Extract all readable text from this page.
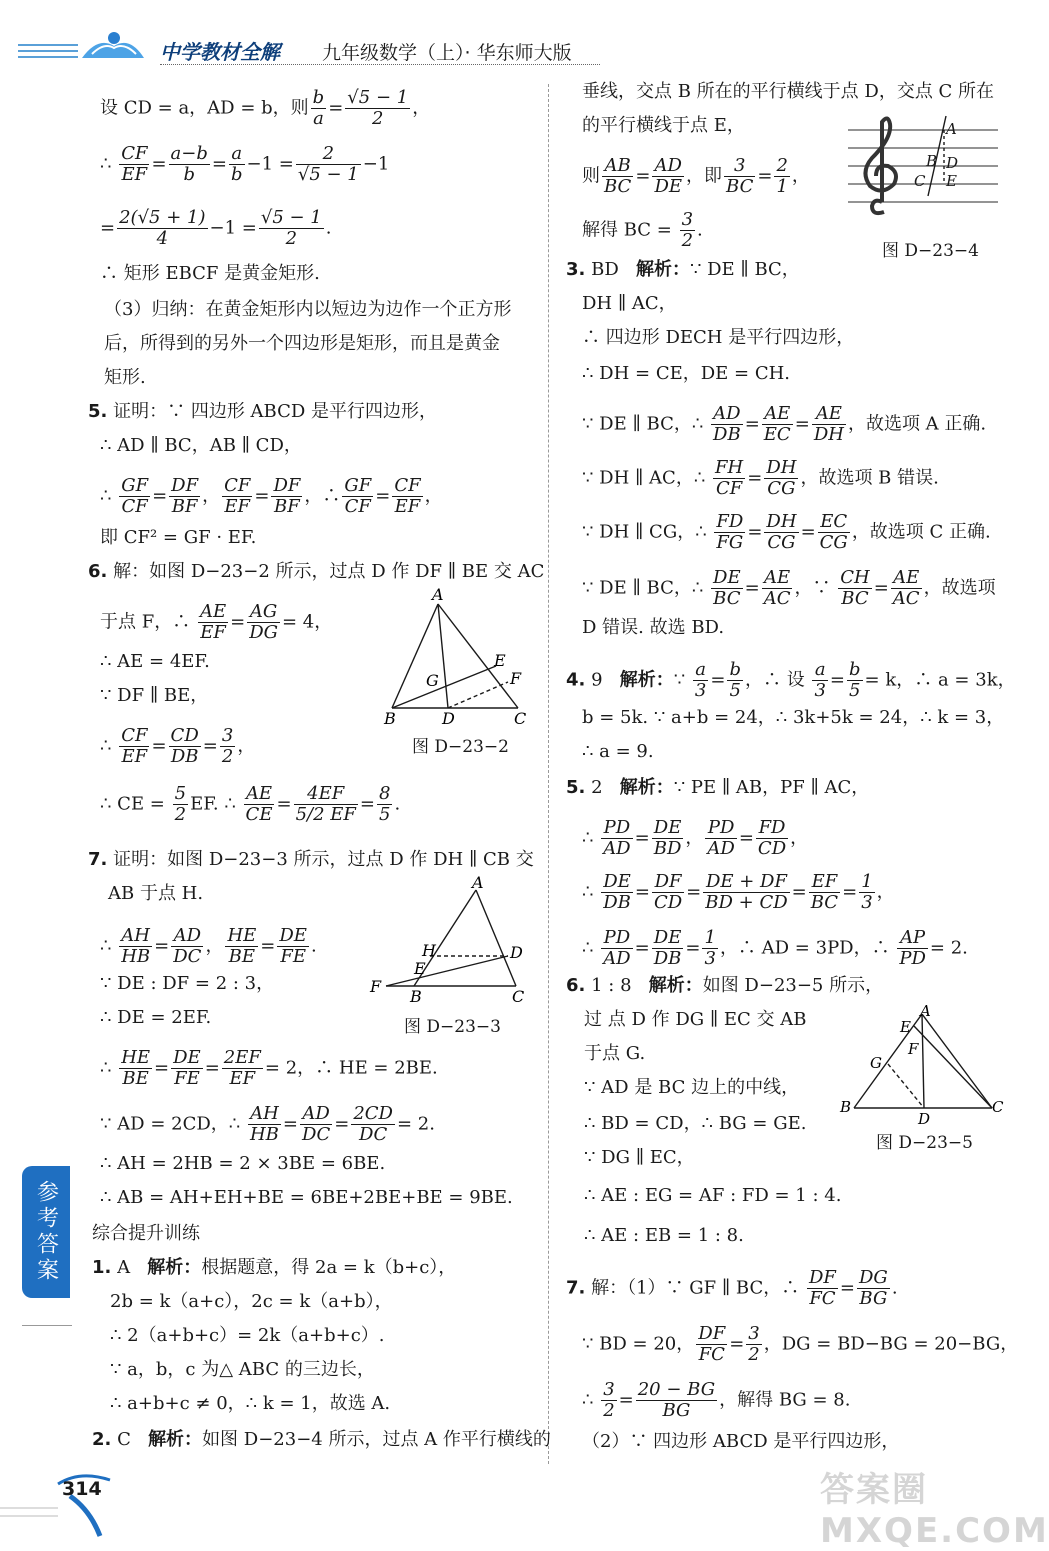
中学教材全解 九年级数学（上）· 华东师大版
设 CD = a，AD = b，则 $\frac{b}{a} = \frac{√5 - 1}{2}$ ，
∴ $\frac{CF}{EF} = \frac{a-b}{b} = \frac{a}{b} -1 = \frac{2}{√5 - 1} -1$
= $\frac{2(√5 + 1)}{4} -1 = \frac{√5 - 1}{2}$ .
∴ 矩形 EBCF 是黄金矩形.
（3）归纳：在黄金矩形内以短边为边作一个正方形
后，所得到的另外一个四边形是矩形，而且是黄金
矩形.
5. 证明：∵ 四边形 ABCD 是平行四边形，
∴ AD ∥ BC，AB ∥ CD，
∴ $\frac{GF}{CF} = \frac{DF}{BF}$ ， $\frac{CF}{EF} = \frac{DF}{BF}$ ，∴ $\frac{GF}{CF} = \frac{CF}{EF}$ ，
即 CF² = GF · EF.
6. 解：如图 D−23−2 所示，过点 D 作 DF ∥ BE 交 AC
于点 F，∴ $\frac{AE}{EF} = \frac{AG}{DG} = 4$，
∴ AE = 4EF.
∵ DF ∥ BE，
∴ $\frac{CF}{EF} = \frac{CD}{DB} = \frac{3}{2}$ ，
∴ CE = $\frac{5}{2}$ EF. ∴ $\frac{AE}{CE} = \frac{4EF}{5/2 EF} = \frac{8}{5}$ .
7. 证明：如图 D−23−3 所示，过点 D 作 DH ∥ CB 交
AB 于点 H.
∴ $\frac{AH}{HB} = \frac{AD}{DC}$ ， $\frac{HE}{BE} = \frac{DE}{FE}$ .
∵ DE : DF = 2 : 3，
∴ DE = 2EF.
∴ $\frac{HE}{BE} = \frac{DE}{FE} = \frac{2EF}{EF} = 2$，∴ HE = 2BE.
∵ AD = 2CD，∴ $\frac{AH}{HB} = \frac{AD}{DC} = \frac{2CD}{DC} = 2$.
∴ AH = 2HB = 2 × 3BE = 6BE.
∴ AB = AH+EH+BE = 6BE+2BE+BE = 9BE.
综合提升训练
1. A 解析：根据题意，得 2a = k（b+c），
2b = k（a+c），2c = k（a+b），
∴ 2（a+b+c）= 2k（a+b+c）.
∵ a，b，c 为△ ABC 的三边长，
∴ a+b+c ≠ 0，∴ k = 1，故选 A.
2. C 解析：如图 D−23−4 所示，过点 A 作平行横线的
A
B	C
D
E
F
G
图 D−23−2
A
B	C
D
E
F
H
图 D−23−3
垂线，交点 B 所在的平行横线于点 D，交点 C 所在
的平行横线于点 E，
则 $\frac{AB}{BC} = \frac{AD}{DE}$ ，即 $\frac{3}{BC} = \frac{2}{1}$ ，
解得 BC = $\frac{3}{2}$ .
3. BD 解析：∵ DE ∥ BC，
DH ∥ AC，
∴ 四边形 DECH 是平行四边形，
∴ DH = CE，DE = CH.
∵ DE ∥ BC，∴ $\frac{AD}{DB} = \frac{AE}{EC} = \frac{AE}{DH}$ ，故选项 A 正确.
∵ DH ∥ AC，∴ $\frac{FH}{CF} = \frac{DH}{CG}$ ，故选项 B 错误.
∵ DH ∥ CG，∴ $\frac{FD}{FG} = \frac{DH}{CG} = \frac{EC}{CG}$ ，故选项 C 正确.
∵ DE ∥ BC，∴ $\frac{DE}{BC} = \frac{AE}{AC}$ ，∵ $\frac{CH}{BC} = \frac{AE}{AC}$ ，故选项
D 错误. 故选 BD.
4. 9 解析：∵ $\frac{a}{3} = \frac{b}{5}$ ，∴ 设 $\frac{a}{3} = \frac{b}{5} = k$，∴ a = 3k，
b = 5k. ∵ a+b = 24，∴ 3k+5k = 24，∴ k = 3，
∴ a = 9.
5. 2 解析：∵ PE ∥ AB，PF ∥ AC，
∴ $\frac{PD}{AD} = \frac{DE}{BD}$ ， $\frac{PD}{AD} = \frac{FD}{CD}$ ，
∴ $\frac{DE}{DB} = \frac{DF}{CD} = \frac{DE + DF}{BD + CD} = \frac{EF}{BC} = \frac{1}{3}$ ，
∴ $\frac{PD}{AD} = \frac{DE}{DB} = \frac{1}{3}$ ，∴ AD = 3PD，∴ $\frac{AP}{PD} = 2$.
6. 1 : 8 解析：如图 D−23−5 所示，
过 点 D 作 DG ∥ EC 交 AB
于点 G.
∵ AD 是 BC 边上的中线，
∴ BD = CD，∴ BG = GE.
∵ DG ∥ EC，
∴ AE : EG = AF : FD = 1 : 4.
∴ AE : EB = 1 : 8.
7. 解：（1）∵ GF ∥ BC，∴ $\frac{DF}{FC} = \frac{DG}{BG}$ .
∵ BD = 20， $\frac{DF}{FC} = \frac{3}{2}$ ，DG = BD−BG = 20−BG，
∴ $\frac{3}{2} = \frac{20 - BG}{BG}$ ，解得 BG = 8.
（2）∵ 四边形 ABCD 是平行四边形，
A
B
C
D
E
图 D−23−4
A
B	C
D
E
F
G
图 D−23−5
参考答案
314	答案圈 MXQE.COM
